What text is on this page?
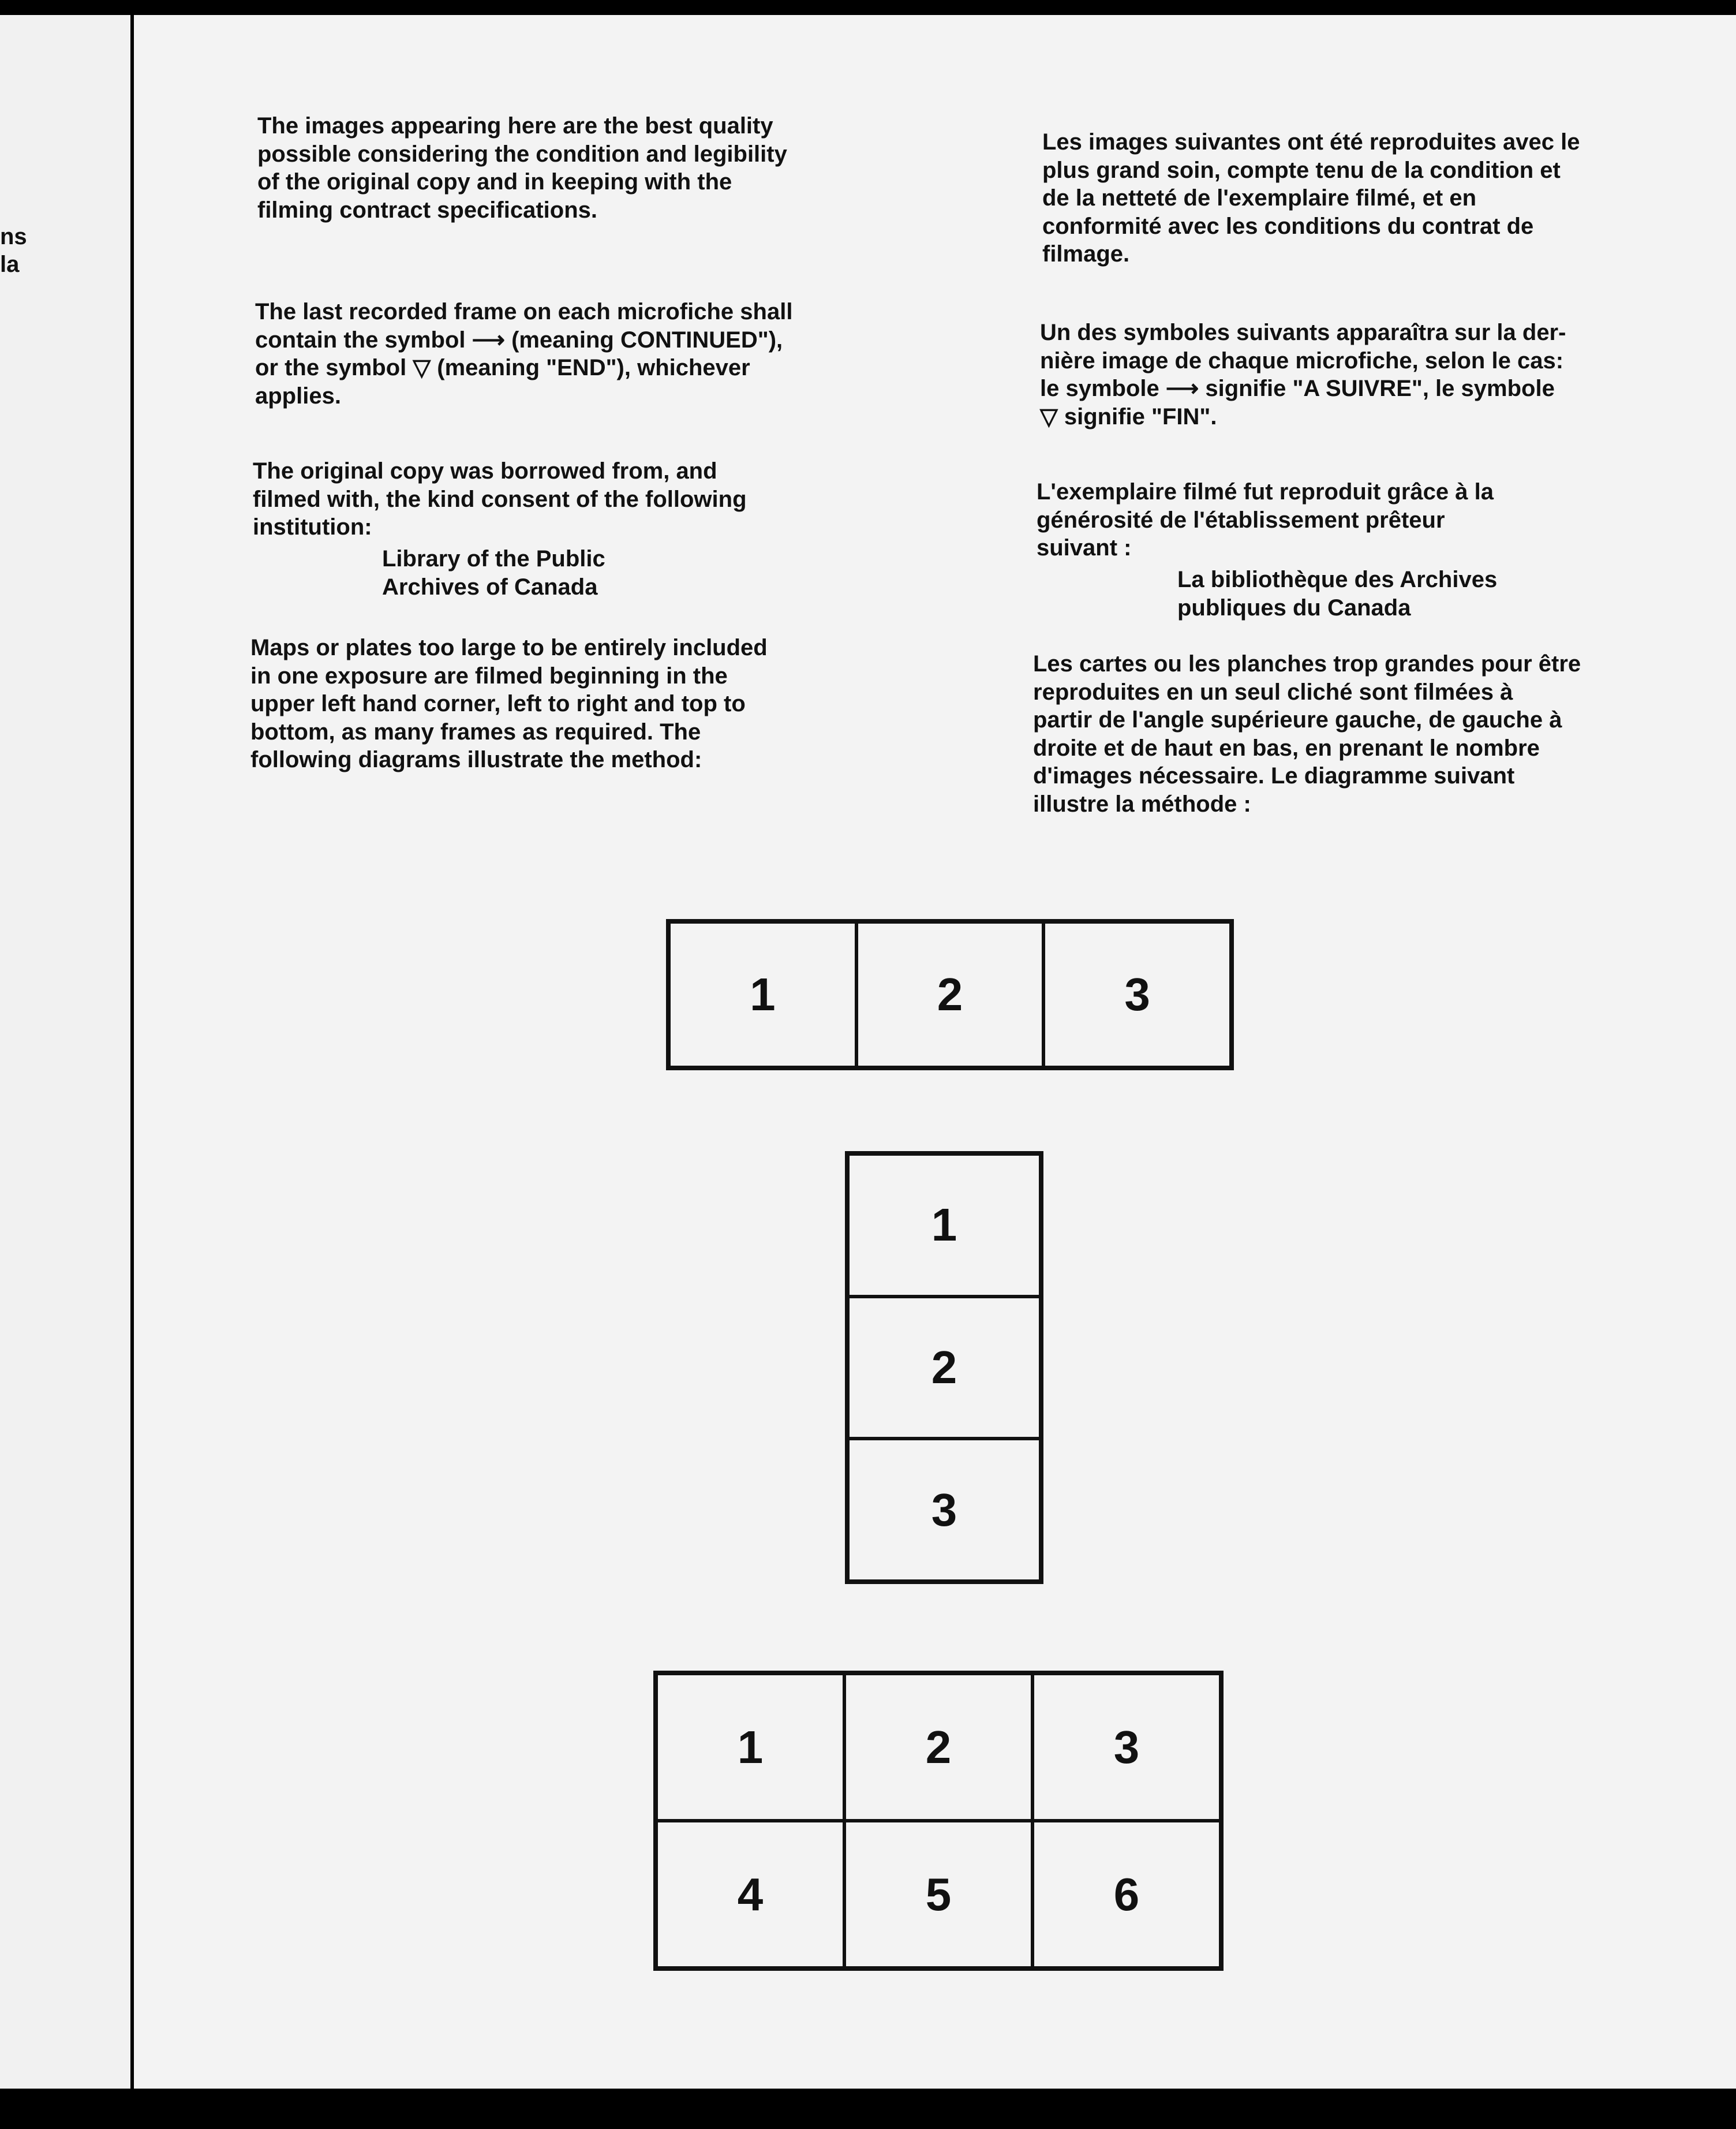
ns
la

The images appearing here are the best quality
possible considering the condition and legibility
of the original copy and in keeping with the
filming contract specifications.

The last recorded frame on each microfiche shall
contain the symbol ⟶ (meaning CONTINUED"),
or the symbol ▽ (meaning "END"), whichever
applies.

The original copy was borrowed from, and
filmed with, the kind consent of the following
institution:

Library of the Public
Archives of Canada

Maps or plates too large to be entirely included
in one exposure are filmed beginning in the
upper left hand corner, left to right and top to
bottom, as many frames as required. The
following diagrams illustrate the method:

Les images suivantes ont été reproduites avec le
plus grand soin, compte tenu de la condition et
de la netteté de l'exemplaire filmé, et en
conformité avec les conditions du contrat de
filmage.

Un des symboles suivants apparaîtra sur la der-
nière image de chaque microfiche, selon le cas:
le symbole ⟶ signifie "A SUIVRE", le symbole
▽ signifie "FIN".

L'exemplaire filmé fut reproduit grâce à la
générosité de l'établissement prêteur
suivant :

La bibliothèque des Archives
publiques du Canada

Les cartes ou les planches trop grandes pour être
reproduites en un seul cliché sont filmées à
partir de l'angle supérieure gauche, de gauche à
droite et de haut en bas, en prenant le nombre
d'images nécessaire. Le diagramme suivant
illustre la méthode :

1	2	3
1
2
3
1	2	3
4	5	6
